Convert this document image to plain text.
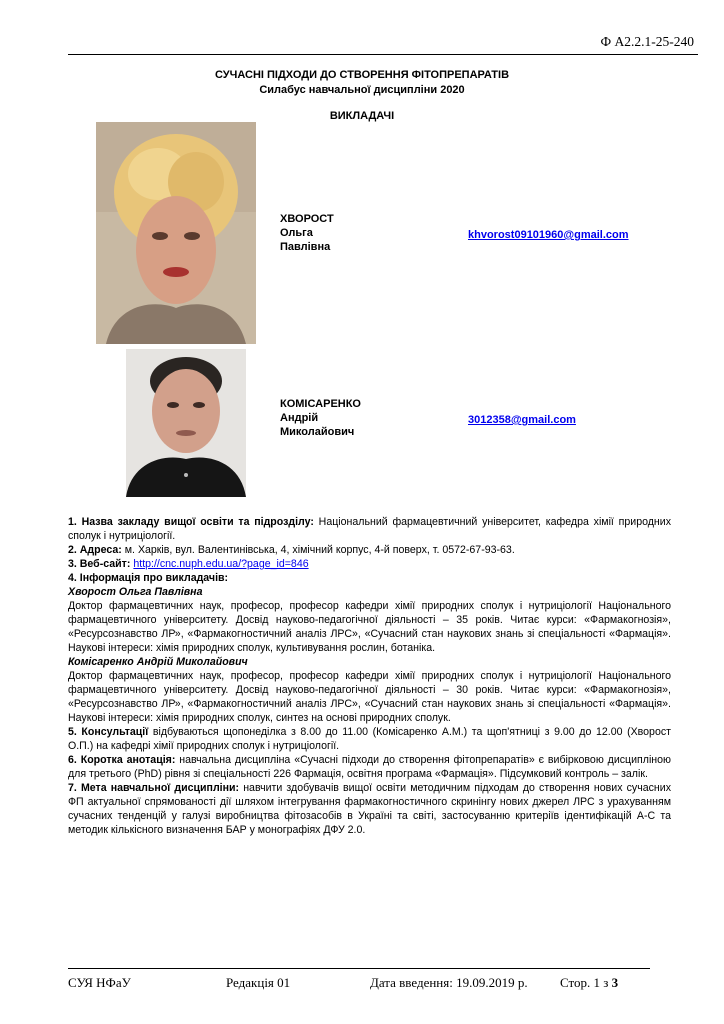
Ф А2.2.1-25-240
СУЧАСНІ ПІДХОДИ ДО СТВОРЕННЯ ФІТОПРЕПАРАТІВ
Силабус навчальної дисципліни 2020
ВИКЛАДАЧІ
ХВОРОСТ
Ольга
Павлівна
khvorost09101960@gmail.com
КОМІСАРЕНКО
Андрій
Миколайович
3012358@gmail.com

1. Назва закладу вищої освіти та підрозділу: Національний фармацевтичний університет, кафедра хімії природних сполук і нутриціології.

2. Адреса: м. Харків, вул. Валентинівська, 4, хімічний корпус, 4-й поверх, т. 0572-67-93-63.

3. Веб-сайт: http://cnc.nuph.edu.ua/?page_id=846

4. Інформація про викладачів:

Хворост Ольга Павлівна

Доктор фармацевтичних наук, професор, професор кафедри хімії природних сполук і нутриціології Національного фармацевтичного університету. Досвід науково-педагогічної діяльності – 35 років. Читає курси: «Фармакогнозія», «Ресурсознавство ЛР», «Фармакогностичний аналіз ЛРС», «Сучасний стан наукових знань зі спеціальності «Фармація». Наукові інтереси: хімія природних сполук, культивування рослин, ботаніка.

Комісаренко Андрій Миколайович

Доктор фармацевтичних наук, професор, професор кафедри хімії природних сполук і нутриціології Національного фармацевтичного університету. Досвід науково-педагогічної діяльності – 30 років. Читає курси: «Фармакогнозія», «Ресурсознавство ЛР», «Фармакогностичний аналіз ЛРС», «Сучасний стан наукових знань зі спеціальності «Фармація». Наукові інтереси: хімія природних сполук, синтез на основі природних сполук.

5. Консультації відбуваються щопонеділка з 8.00 до 11.00 (Комісаренко А.М.) та щоп'ятниці з 9.00 до 12.00 (Хворост О.П.) на кафедрі хімії природних сполук і нутриціології.

6. Коротка анотація: навчальна дисципліна «Сучасні підходи до створення фітопрепаратів» є вибірковою дисципліною для третього (PhD) рівня зі спеціальності 226 Фармація, освітня програма «Фармація». Підсумковий контроль – залік.

7. Мета навчальної дисципліни: навчити здобувачів вищої освіти методичним підходам до створення нових сучасних ФП актуальної спрямованості дії шляхом інтегрування фармакогностичного скринінгу нових джерел ЛРС з урахуванням сучасних тенденцій у галузі виробництва фітозасобів в Україні та світі, застосуванню критеріїв ідентифікацій А-С та методик кількісного визначення БАР у монографіях ДФУ 2.0.

СУЯ НФаУ	Редакція 01	Дата введення: 19.09.2019 р. Стор. 1 з 3
